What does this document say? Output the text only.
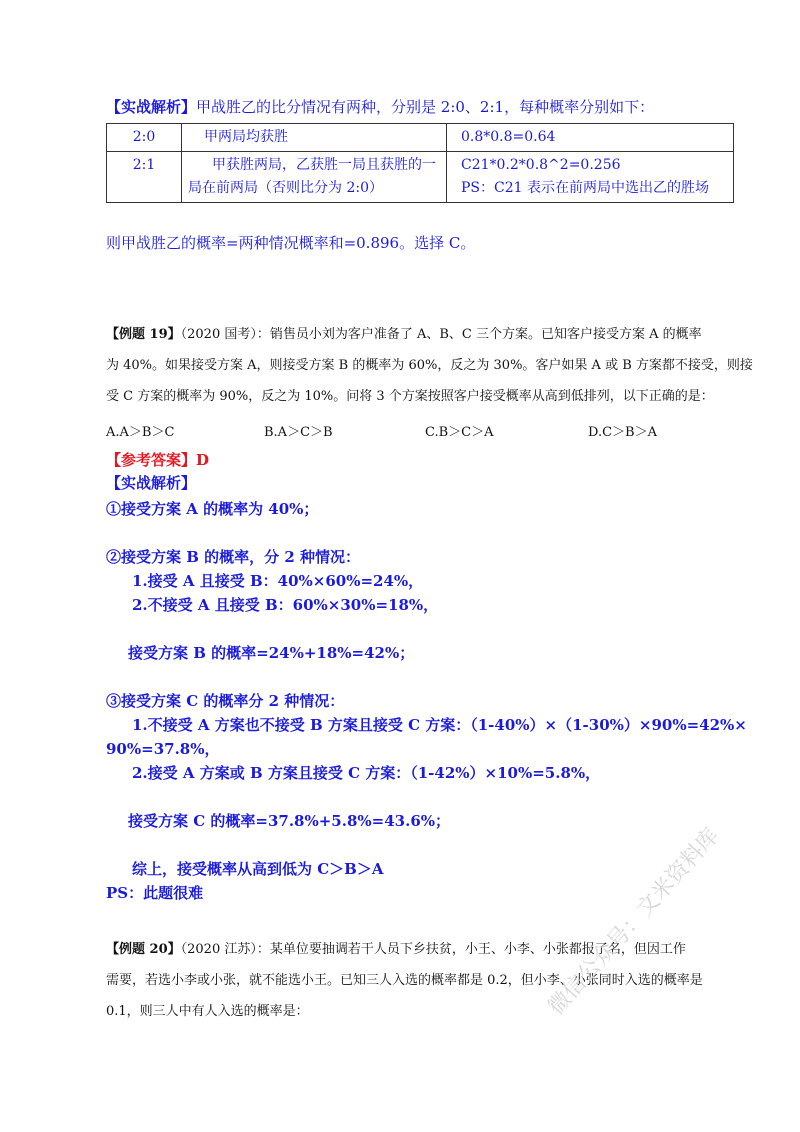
【实战解析】甲战胜乙的比分情况有两种，分别是 2:0、2:1，每种概率分别如下：
2:0	甲两局均获胜	0.8*0.8=0.64
2:1	甲获胜两局，乙获胜一局且获胜的一局在前两局（否则比分为 2:0）	C21*0.2*0.8^2=0.256
PS：C21 表示在前两局中选出乙的胜场
则甲战胜乙的概率=两种情况概率和=0.896。选择 C。
【例题 19】（2020 国考）：销售员小刘为客户准备了 A、B、C 三个方案。已知客户接受方案 A 的概率
为 40%。如果接受方案 A，则接受方案 B 的概率为 60%，反之为 30%。客户如果 A 或 B 方案都不接受，则接
受 C 方案的概率为 90%，反之为 10%。问将 3 个方案按照客户接受概率从高到低排列，以下正确的是：
A.A＞B＞C	B.A＞C＞B	C.B＞C＞A	D.C＞B＞A
【参考答案】D
【实战解析】
①接受方案 A 的概率为 40%；
②接受方案 B 的概率，分 2 种情况：
1.接受 A 且接受 B：40%×60%=24%，
2.不接受 A 且接受 B：60%×30%=18%，
接受方案 B 的概率=24%+18%=42%；
③接受方案 C 的概率分 2 种情况：
1.不接受 A 方案也不接受 B 方案且接受 C 方案：（1-40%）×（1-30%）×90%=42%×
90%=37.8%，
2.接受 A 方案或 B 方案且接受 C 方案：（1-42%）×10%=5.8%，
接受方案 C 的概率=37.8%+5.8%=43.6%；
综上，接受概率从高到低为 C＞B＞A
PS：此题很难
【例题 20】（2020 江苏）：某单位要抽调若干人员下乡扶贫，小王、小李、小张都报了名，但因工作
需要，若选小李或小张，就不能选小王。已知三人入选的概率都是 0.2，但小李、小张同时入选的概率是
0.1，则三人中有人入选的概率是：	微信公众号：文米资料库
